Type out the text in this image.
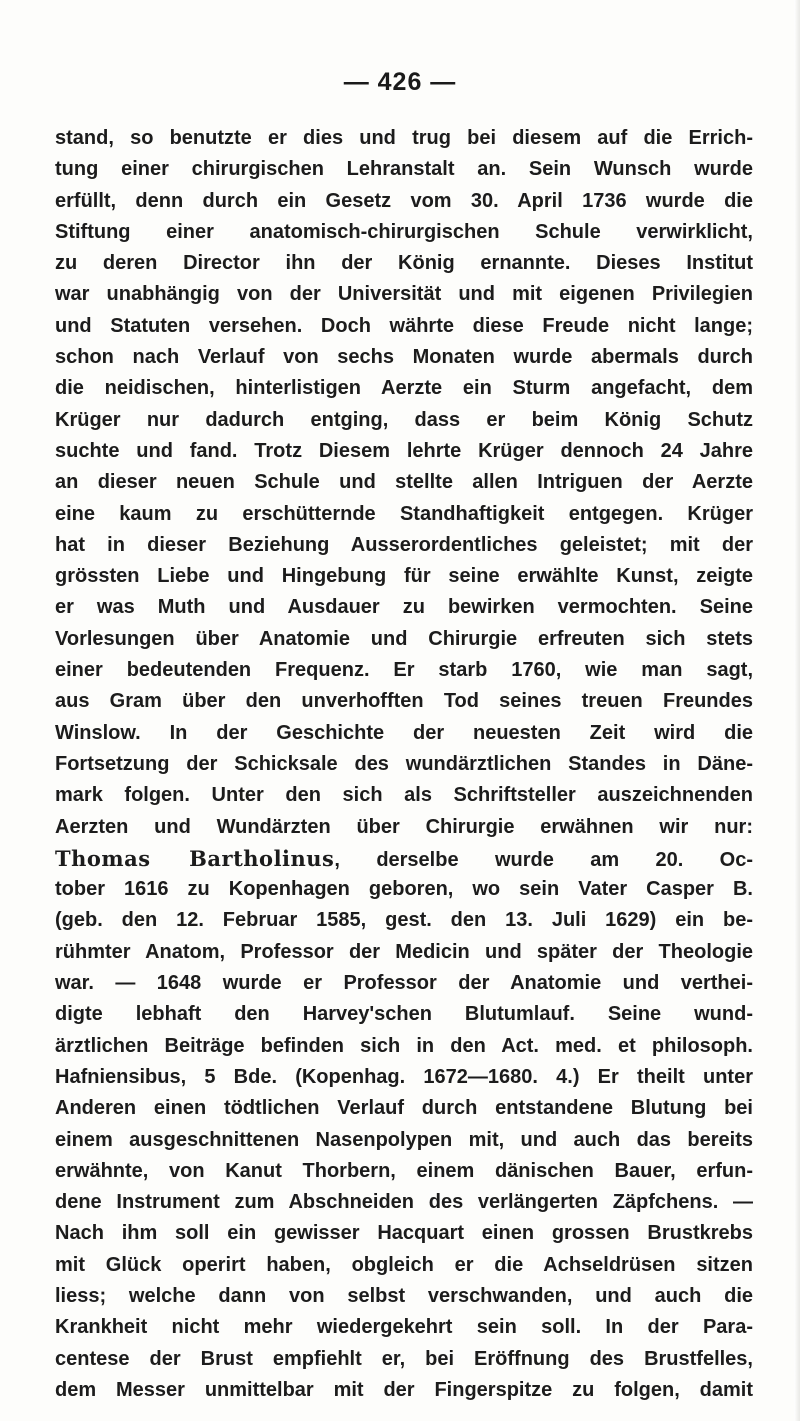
— 426 —
stand, so benutzte er dies und trug bei diesem auf die Errich-
tung einer chirurgischen Lehranstalt an. Sein Wunsch wurde
erfüllt, denn durch ein Gesetz vom 30. April 1736 wurde die
Stiftung einer anatomisch-chirurgischen Schule verwirklicht,
zu deren Director ihn der König ernannte. Dieses Institut
war unabhängig von der Universität und mit eigenen Privilegien
und Statuten versehen. Doch währte diese Freude nicht lange;
schon nach Verlauf von sechs Monaten wurde abermals durch
die neidischen, hinterlistigen Aerzte ein Sturm angefacht, dem
Krüger nur dadurch entging, dass er beim König Schutz
suchte und fand. Trotz Diesem lehrte Krüger dennoch 24 Jahre
an dieser neuen Schule und stellte allen Intriguen der Aerzte
eine kaum zu erschütternde Standhaftigkeit entgegen. Krüger
hat in dieser Beziehung Ausserordentliches geleistet; mit der
grössten Liebe und Hingebung für seine erwählte Kunst, zeigte
er was Muth und Ausdauer zu bewirken vermochten. Seine
Vorlesungen über Anatomie und Chirurgie erfreuten sich stets
einer bedeutenden Frequenz. Er starb 1760, wie man sagt,
aus Gram über den unverhofften Tod seines treuen Freundes
Winslow. In der Geschichte der neuesten Zeit wird die
Fortsetzung der Schicksale des wundärztlichen Standes in Däne-
mark folgen. Unter den sich als Schriftsteller auszeichnenden
Aerzten und Wundärzten über Chirurgie erwähnen wir nur:
Thomas Bartholinus, derselbe wurde am 20. Oc-
tober 1616 zu Kopenhagen geboren, wo sein Vater Casper B.
(geb. den 12. Februar 1585, gest. den 13. Juli 1629) ein be-
rühmter Anatom, Professor der Medicin und später der Theologie
war. — 1648 wurde er Professor der Anatomie und verthei-
digte lebhaft den Harvey'schen Blutumlauf. Seine wund-
ärztlichen Beiträge befinden sich in den Act. med. et philosoph.
Hafniensibus, 5 Bde. (Kopenhag. 1672—1680. 4.) Er theilt unter
Anderen einen tödtlichen Verlauf durch entstandene Blutung bei
einem ausgeschnittenen Nasenpolypen mit, und auch das bereits
erwähnte, von Kanut Thorbern, einem dänischen Bauer, erfun-
dene Instrument zum Abschneiden des verlängerten Zäpfchens. —
Nach ihm soll ein gewisser Hacquart einen grossen Brustkrebs
mit Glück operirt haben, obgleich er die Achseldrüsen sitzen
liess; welche dann von selbst verschwanden, und auch die
Krankheit nicht mehr wiedergekehrt sein soll. In der Para-
centese der Brust empfiehlt er, bei Eröffnung des Brustfelles,
dem Messer unmittelbar mit der Fingerspitze zu folgen, damit
